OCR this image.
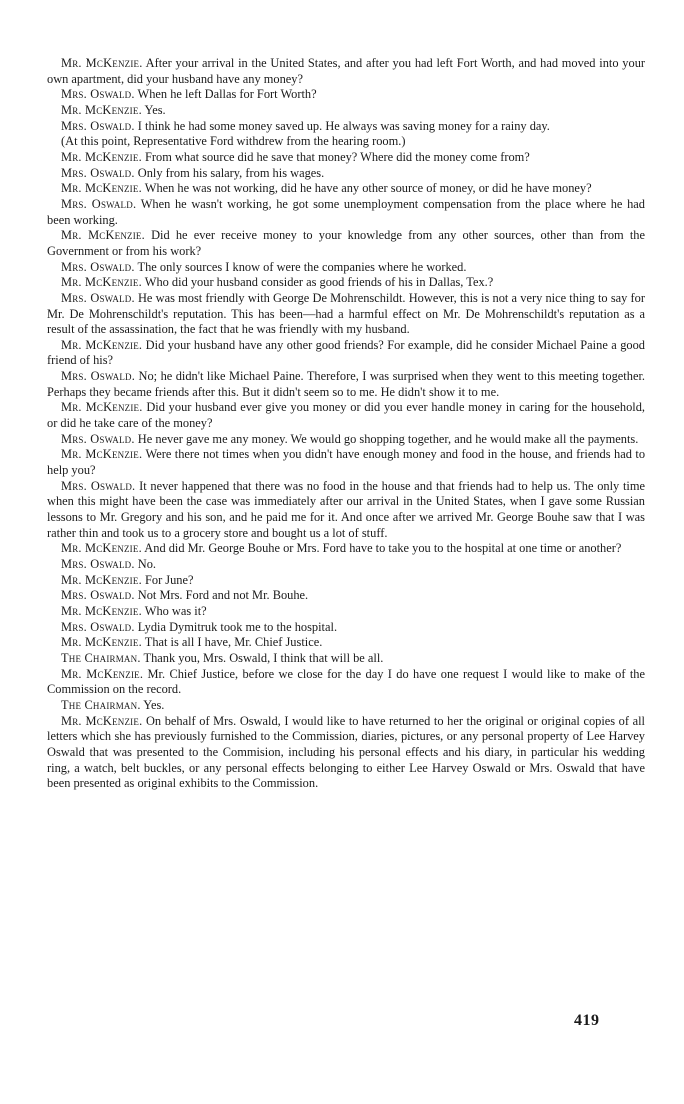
Mr. McKenzie. After your arrival in the United States, and after you had left Fort Worth, and had moved into your own apartment, did your husband have any money?

Mrs. Oswald. When he left Dallas for Fort Worth?

Mr. McKenzie. Yes.

Mrs. Oswald. I think he had some money saved up. He always was saving money for a rainy day.

(At this point, Representative Ford withdrew from the hearing room.)

Mr. McKenzie. From what source did he save that money? Where did the money come from?

Mrs. Oswald. Only from his salary, from his wages.

Mr. McKenzie. When he was not working, did he have any other source of money, or did he have money?

Mrs. Oswald. When he wasn't working, he got some unemployment compensation from the place where he had been working.

Mr. McKenzie. Did he ever receive money to your knowledge from any other sources, other than from the Government or from his work?

Mrs. Oswald. The only sources I know of were the companies where he worked.

Mr. McKenzie. Who did your husband consider as good friends of his in Dallas, Tex.?

Mrs. Oswald. He was most friendly with George De Mohrenschildt. However, this is not a very nice thing to say for Mr. De Mohrenschildt's reputation. This has been—had a harmful effect on Mr. De Mohrenschildt's reputation as a result of the assassination, the fact that he was friendly with my husband.

Mr. McKenzie. Did your husband have any other good friends? For example, did he consider Michael Paine a good friend of his?

Mrs. Oswald. No; he didn't like Michael Paine. Therefore, I was surprised when they went to this meeting together. Perhaps they became friends after this. But it didn't seem so to me. He didn't show it to me.

Mr. McKenzie. Did your husband ever give you money or did you ever handle money in caring for the household, or did he take care of the money?

Mrs. Oswald. He never gave me any money. We would go shopping together, and he would make all the payments.

Mr. McKenzie. Were there not times when you didn't have enough money and food in the house, and friends had to help you?

Mrs. Oswald. It never happened that there was no food in the house and that friends had to help us. The only time when this might have been the case was immediately after our arrival in the United States, when I gave some Russian lessons to Mr. Gregory and his son, and he paid me for it. And once after we arrived Mr. George Bouhe saw that I was rather thin and took us to a grocery store and bought us a lot of stuff.

Mr. McKenzie. And did Mr. George Bouhe or Mrs. Ford have to take you to the hospital at one time or another?

Mrs. Oswald. No.

Mr. McKenzie. For June?

Mrs. Oswald. Not Mrs. Ford and not Mr. Bouhe.

Mr. McKenzie. Who was it?

Mrs. Oswald. Lydia Dymitruk took me to the hospital.

Mr. McKenzie. That is all I have, Mr. Chief Justice.

The Chairman. Thank you, Mrs. Oswald, I think that will be all.

Mr. McKenzie. Mr. Chief Justice, before we close for the day I do have one request I would like to make of the Commission on the record.

The Chairman. Yes.

Mr. McKenzie. On behalf of Mrs. Oswald, I would like to have returned to her the original or original copies of all letters which she has previously furnished to the Commission, diaries, pictures, or any personal property of Lee Harvey Oswald that was presented to the Commision, including his personal effects and his diary, in particular his wedding ring, a watch, belt buckles, or any personal effects belonging to either Lee Harvey Oswald or Mrs. Oswald that have been presented as original exhibits to the Commission.

419
